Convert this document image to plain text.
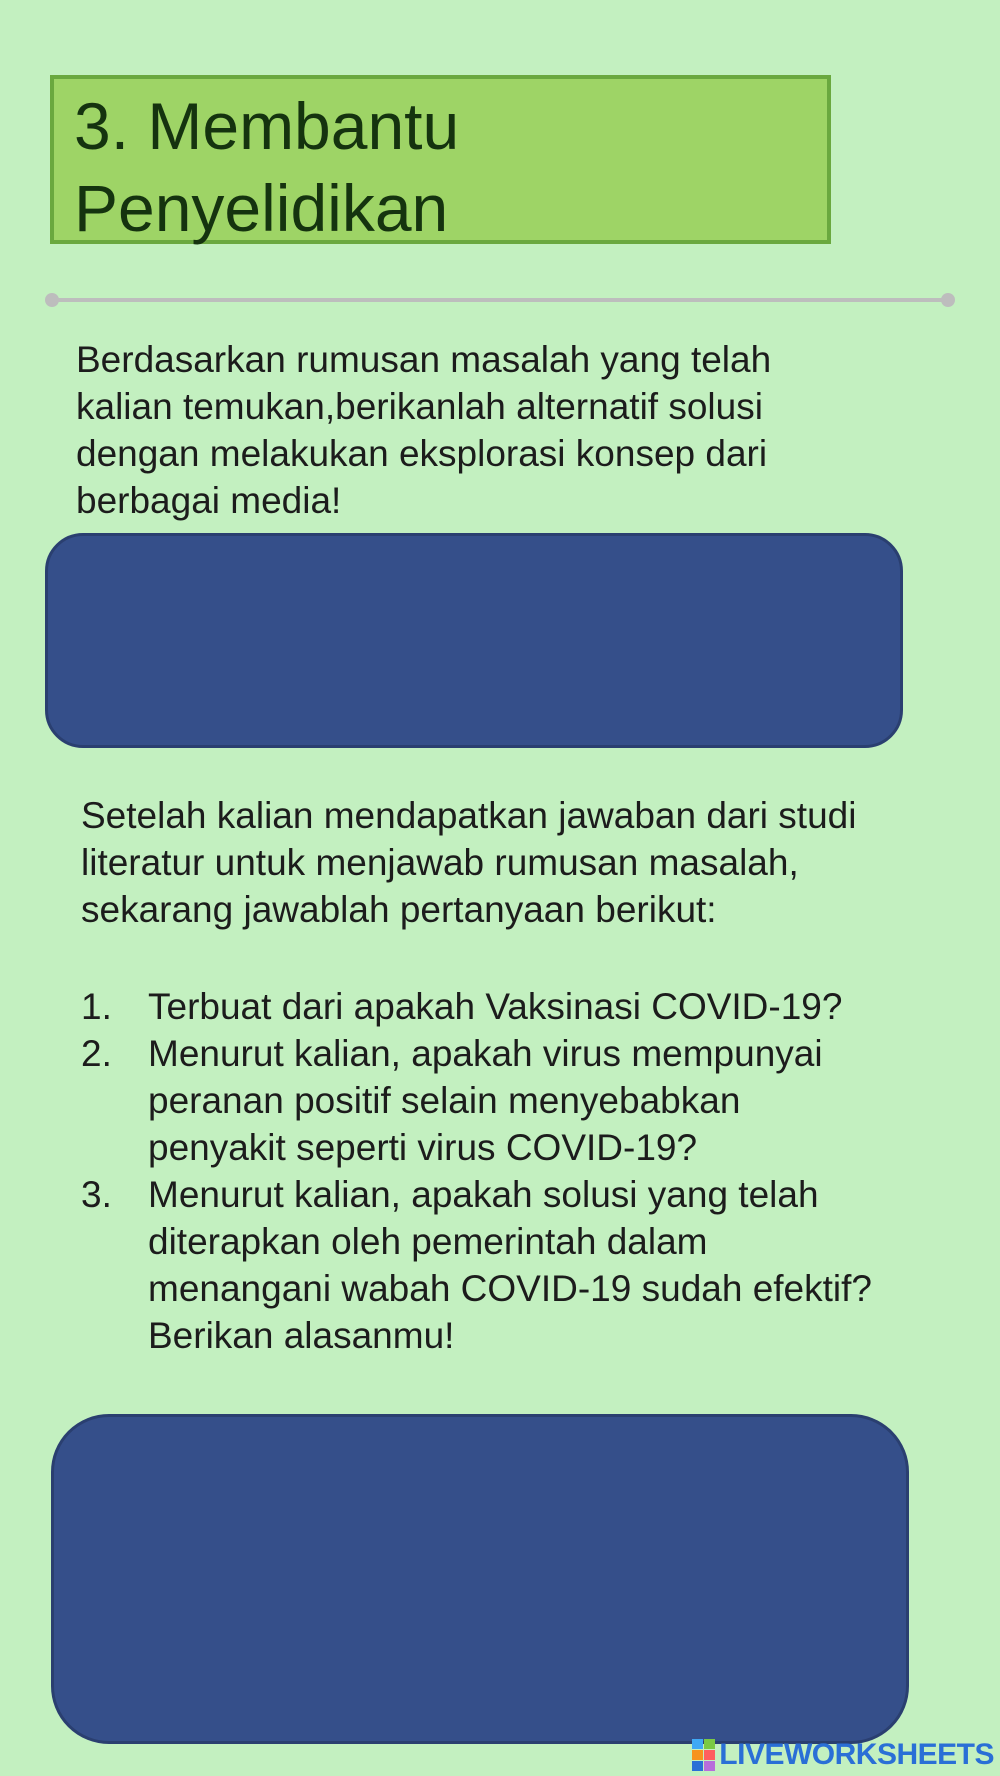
3. Membantu
Penyelidikan

Berdasarkan rumusan masalah yang telah kalian temukan,berikanlah alternatif solusi dengan melakukan eksplorasi konsep dari berbagai media!

Setelah kalian mendapatkan jawaban dari studi literatur untuk menjawab rumusan masalah, sekarang jawablah pertanyaan berikut:

1. Terbuat dari apakah Vaksinasi COVID-19?
2. Menurut kalian, apakah virus mempunyai peranan positif selain menyebabkan penyakit seperti virus COVID-19?
3. Menurut kalian, apakah solusi yang telah diterapkan oleh pemerintah dalam menangani wabah COVID-19 sudah efektif? Berikan alasanmu!
LIVEWORKSHEETS
